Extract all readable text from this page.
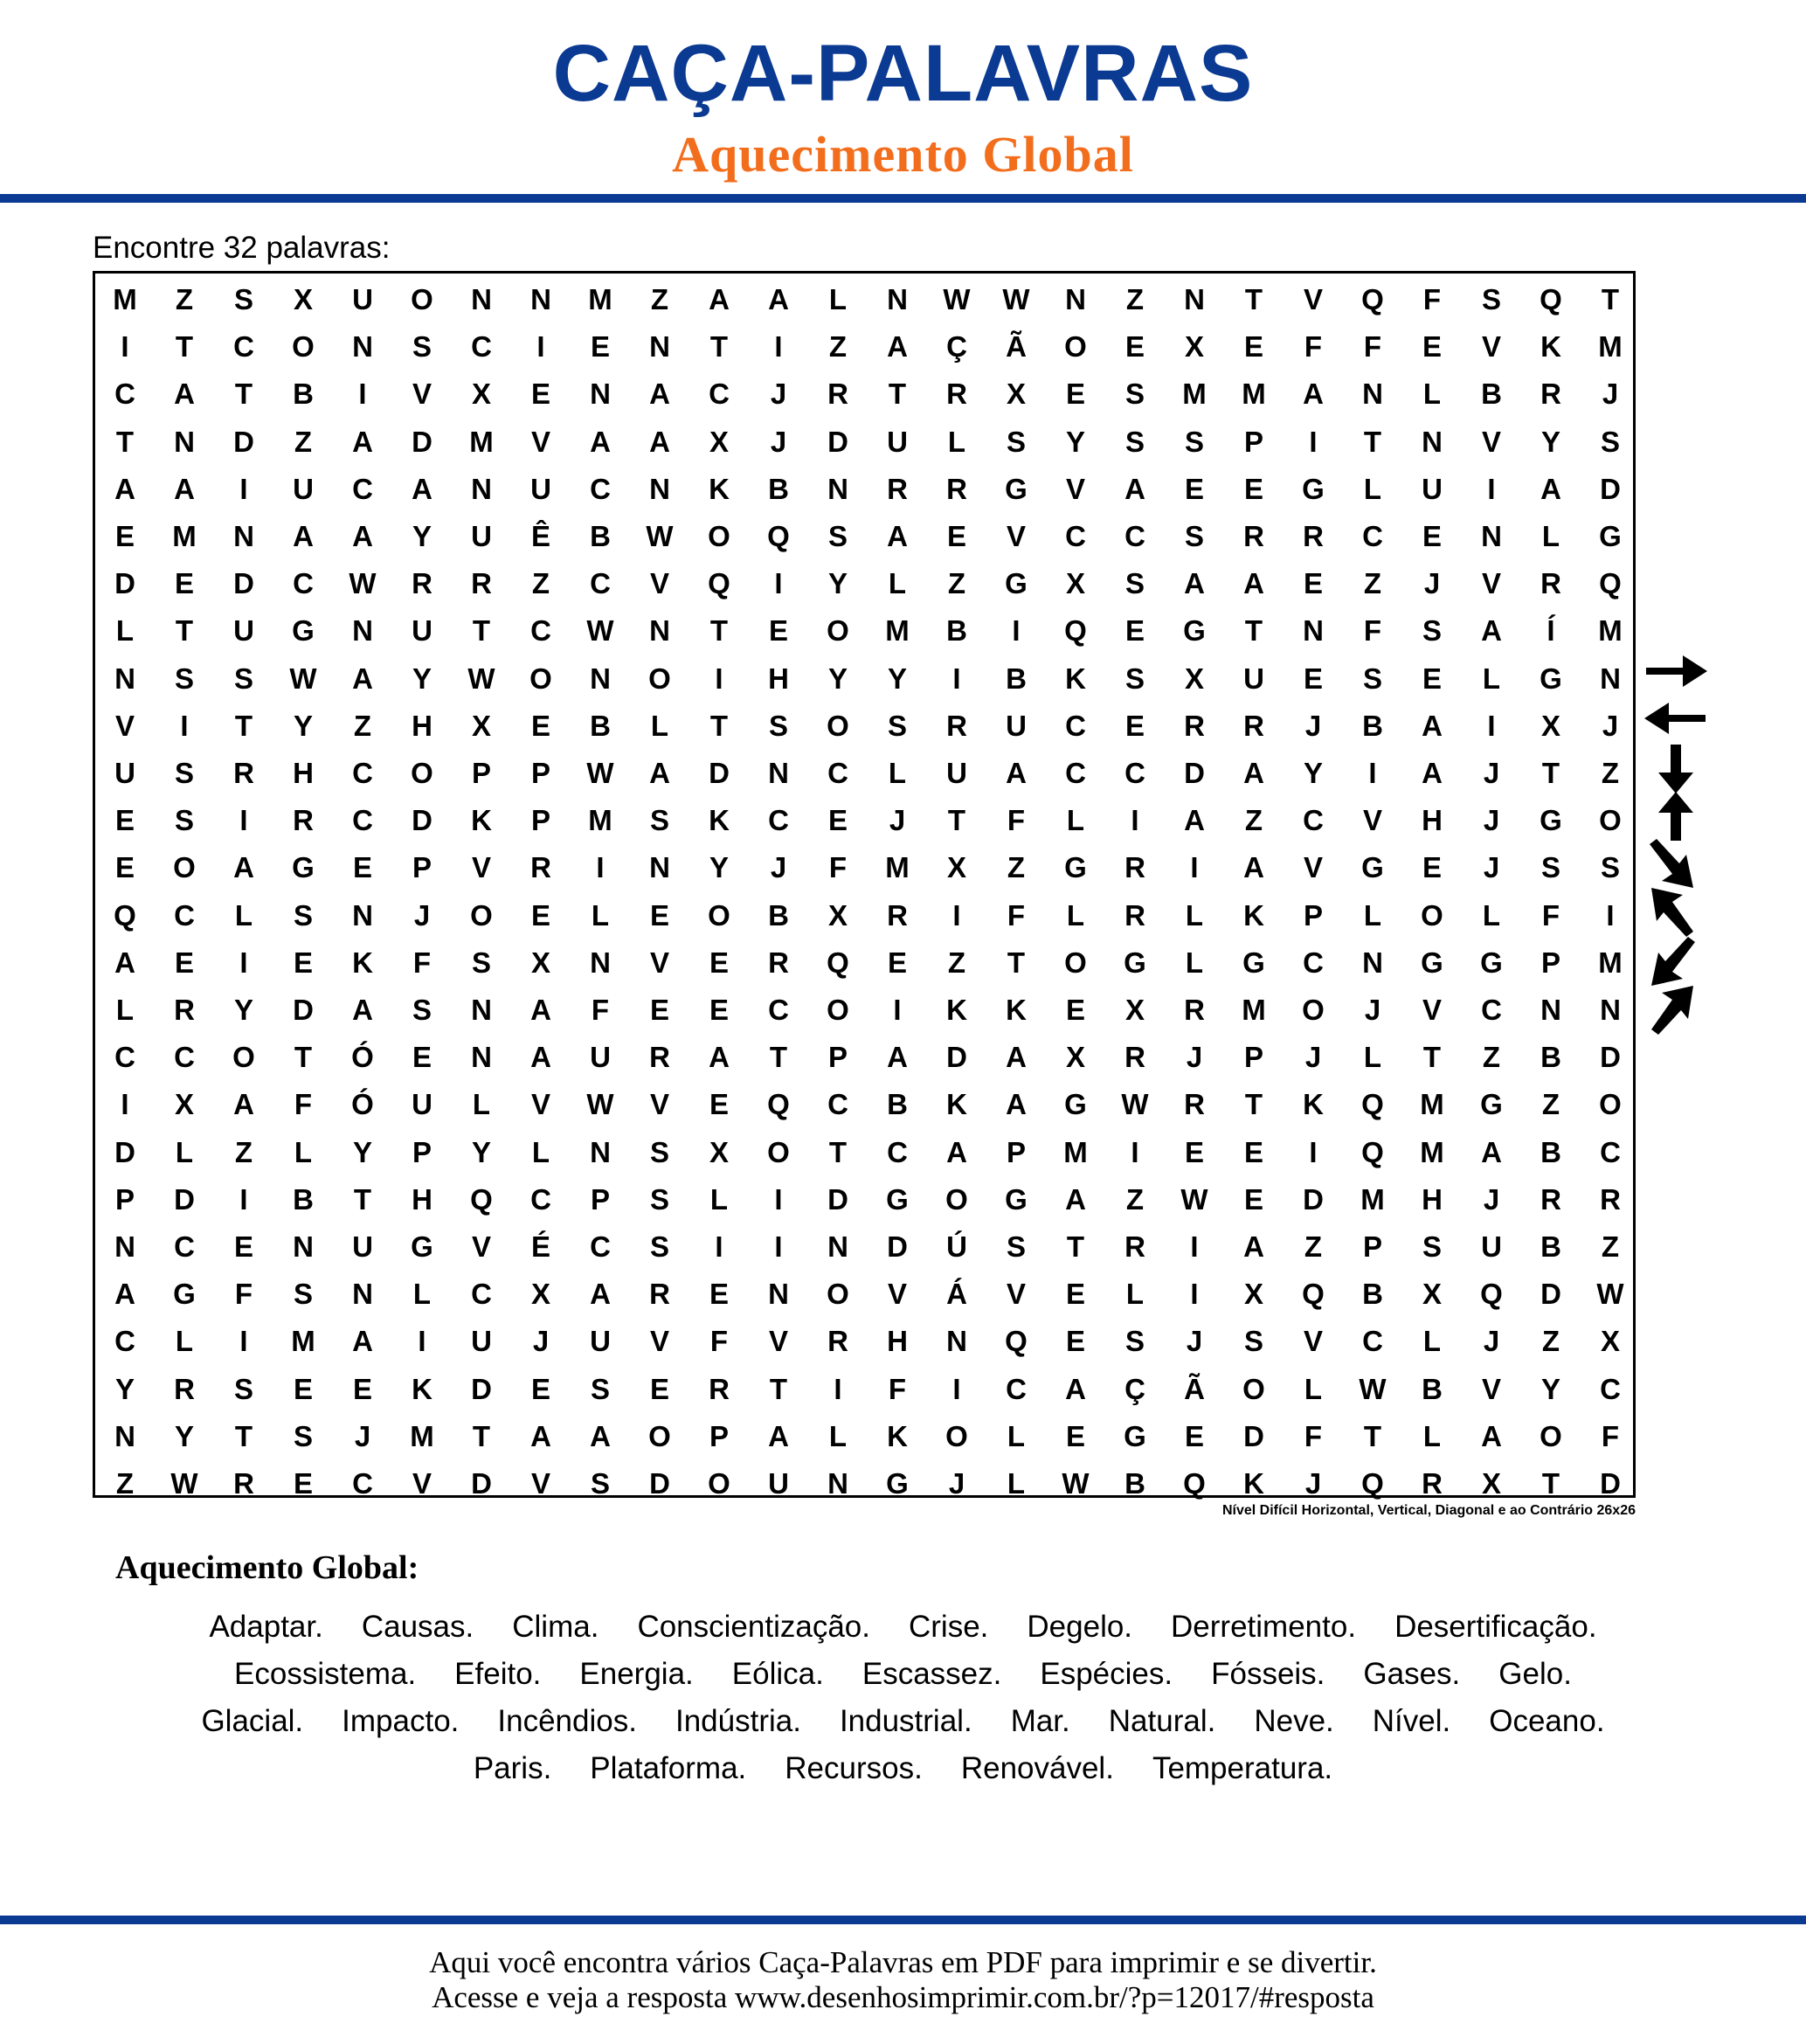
CAÇA-PALAVRAS
Aquecimento Global
Encontre 32 palavras:
M	Z	S	X	U	O	N	N	M	Z	A	A	L	N	W	W	N	Z	N	T	V	Q	F	S	Q	T
I	T	C	O	N	S	C	I	E	N	T	I	Z	A	Ç	Ã	O	E	X	E	F	F	E	V	K	M
C	A	T	B	I	V	X	E	N	A	C	J	R	T	R	X	E	S	M	M	A	N	L	B	R	J
T	N	D	Z	A	D	M	V	A	A	X	J	D	U	L	S	Y	S	S	P	I	T	N	V	Y	S
A	A	I	U	C	A	N	U	C	N	K	B	N	R	R	G	V	A	E	E	G	L	U	I	A	D
E	M	N	A	A	Y	U	Ê	B	W	O	Q	S	A	E	V	C	C	S	R	R	C	E	N	L	G
D	E	D	C	W	R	R	Z	C	V	Q	I	Y	L	Z	G	X	S	A	A	E	Z	J	V	R	Q
L	T	U	G	N	U	T	C	W	N	T	E	O	M	B	I	Q	E	G	T	N	F	S	A	Í	M
N	S	S	W	A	Y	W	O	N	O	I	H	Y	Y	I	B	K	S	X	U	E	S	E	L	G	N
V	I	T	Y	Z	H	X	E	B	L	T	S	O	S	R	U	C	E	R	R	J	B	A	I	X	J
U	S	R	H	C	O	P	P	W	A	D	N	C	L	U	A	C	C	D	A	Y	I	A	J	T	Z
E	S	I	R	C	D	K	P	M	S	K	C	E	J	T	F	L	I	A	Z	C	V	H	J	G	O
E	O	A	G	E	P	V	R	I	N	Y	J	F	M	X	Z	G	R	I	A	V	G	E	J	S	S
Q	C	L	S	N	J	O	E	L	E	O	B	X	R	I	F	L	R	L	K	P	L	O	L	F	I
A	E	I	E	K	F	S	X	N	V	E	R	Q	E	Z	T	O	G	L	G	C	N	G	G	P	M
L	R	Y	D	A	S	N	A	F	E	E	C	O	I	K	K	E	X	R	M	O	J	V	C	N	N
C	C	O	T	Ó	E	N	A	U	R	A	T	P	A	D	A	X	R	J	P	J	L	T	Z	B	D
I	X	A	F	Ó	U	L	V	W	V	E	Q	C	B	K	A	G	W	R	T	K	Q	M	G	Z	O
D	L	Z	L	Y	P	Y	L	N	S	X	O	T	C	A	P	M	I	E	E	I	Q	M	A	B	C
P	D	I	B	T	H	Q	C	P	S	L	I	D	G	O	G	A	Z	W	E	D	M	H	J	R	R
N	C	E	N	U	G	V	É	C	S	I	I	N	D	Ú	S	T	R	I	A	Z	P	S	U	B	Z
A	G	F	S	N	L	C	X	A	R	E	N	O	V	Á	V	E	L	I	X	Q	B	X	Q	D	W
C	L	I	M	A	I	U	J	U	V	F	V	R	H	N	Q	E	S	J	S	V	C	L	J	Z	X
Y	R	S	E	E	K	D	E	S	E	R	T	I	F	I	C	A	Ç	Ã	O	L	W	B	V	Y	C
N	Y	T	S	J	M	T	A	A	O	P	A	L	K	O	L	E	G	E	D	F	T	L	A	O	F
Z	W	R	E	C	V	D	V	S	D	O	U	N	G	J	L	W	B	Q	K	J	Q	R	X	T	D
Nível Difícil Horizontal, Vertical, Diagonal e ao Contrário 26x26
Aquecimento Global:
Adaptar. Causas. Clima. Conscientização. Crise. Degelo. Derretimento. Desertificação.
Ecossistema. Efeito. Energia. Eólica. Escassez. Espécies. Fósseis. Gases. Gelo.
Glacial. Impacto. Incêndios. Indústria. Industrial. Mar. Natural. Neve. Nível. Oceano.
Paris. Plataforma. Recursos. Renovável. Temperatura.
Aqui você encontra vários Caça-Palavras em PDF para imprimir e se divertir.
Acesse e veja a resposta www.desenhosimprimir.com.br/?p=12017/#resposta
